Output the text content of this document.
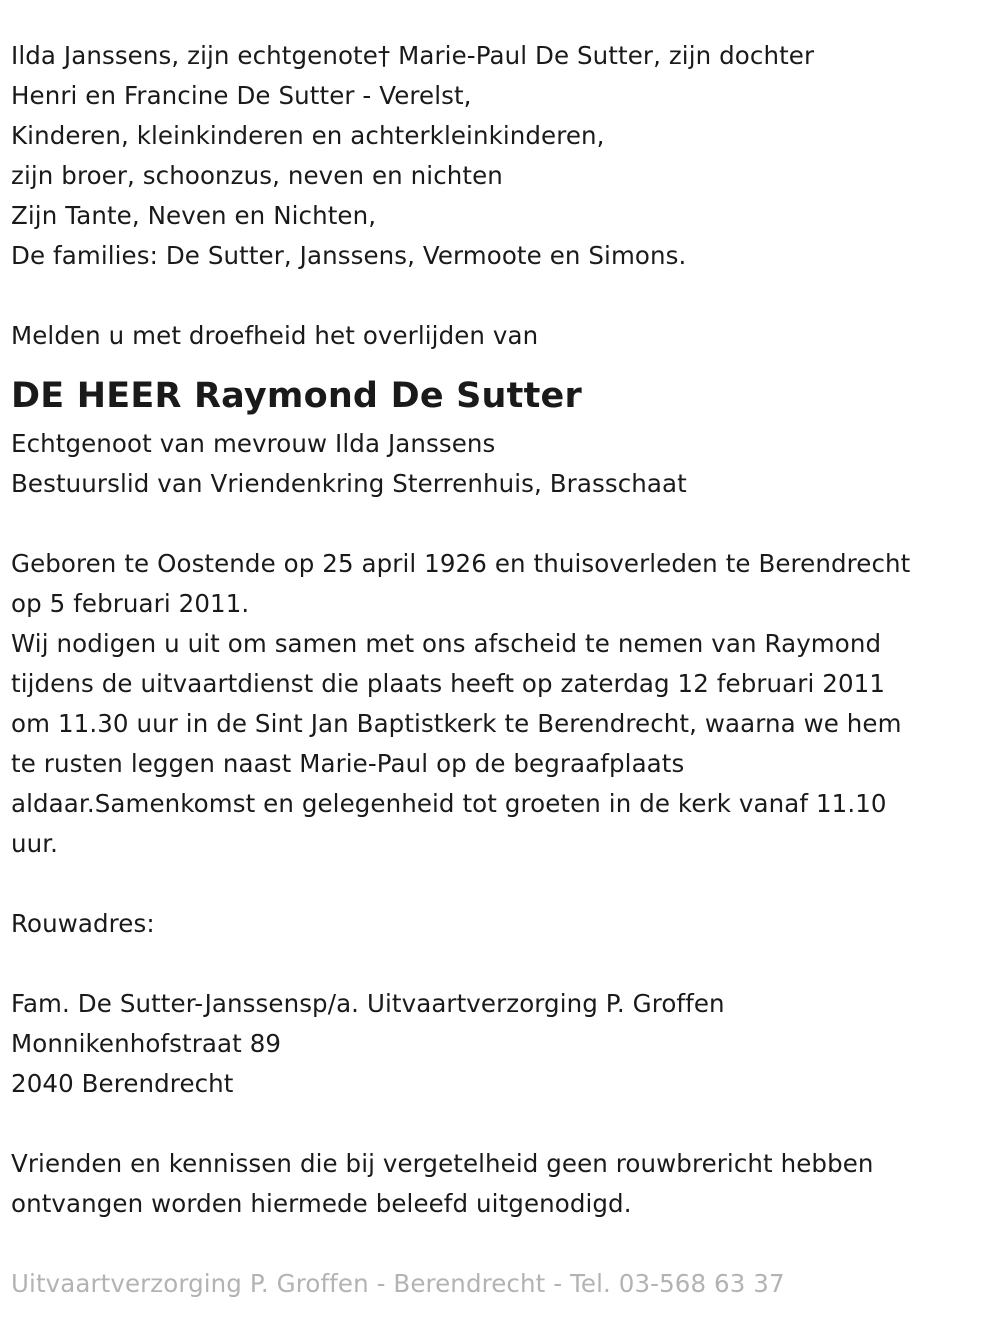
Ilda Janssens, zijn echtgenote† Marie-Paul De Sutter, zijn dochter
Henri en Francine De Sutter - Verelst,
Kinderen, kleinkinderen en achterkleinkinderen,
zijn broer, schoonzus, neven en nichten
Zijn Tante, Neven en Nichten,
De families: De Sutter, Janssens, Vermoote en Simons.
Melden u met droefheid het overlijden van
DE HEER Raymond De Sutter
Echtgenoot van mevrouw Ilda Janssens
Bestuurslid van Vriendenkring Sterrenhuis, Brasschaat
Geboren te Oostende op 25 april 1926 en thuisoverleden te Berendrecht
op 5 februari 2011.
Wij nodigen u uit om samen met ons afscheid te nemen van Raymond
tijdens de uitvaartdienst die plaats heeft op zaterdag 12 februari 2011
om 11.30 uur in de Sint Jan Baptistkerk te Berendrecht, waarna we hem
te rusten leggen naast Marie-Paul op de begraafplaats
aldaar.Samenkomst en gelegenheid tot groeten in de kerk vanaf 11.10
uur.
Rouwadres:
Fam. De Sutter-Janssensp/a. Uitvaartverzorging P. Groffen
Monnikenhofstraat 89
2040 Berendrecht
Vrienden en kennissen die bij vergetelheid geen rouwbrericht hebben
ontvangen worden hiermede beleefd uitgenodigd.
Uitvaartverzorging P. Groffen - Berendrecht - Tel. 03-568 63 37
